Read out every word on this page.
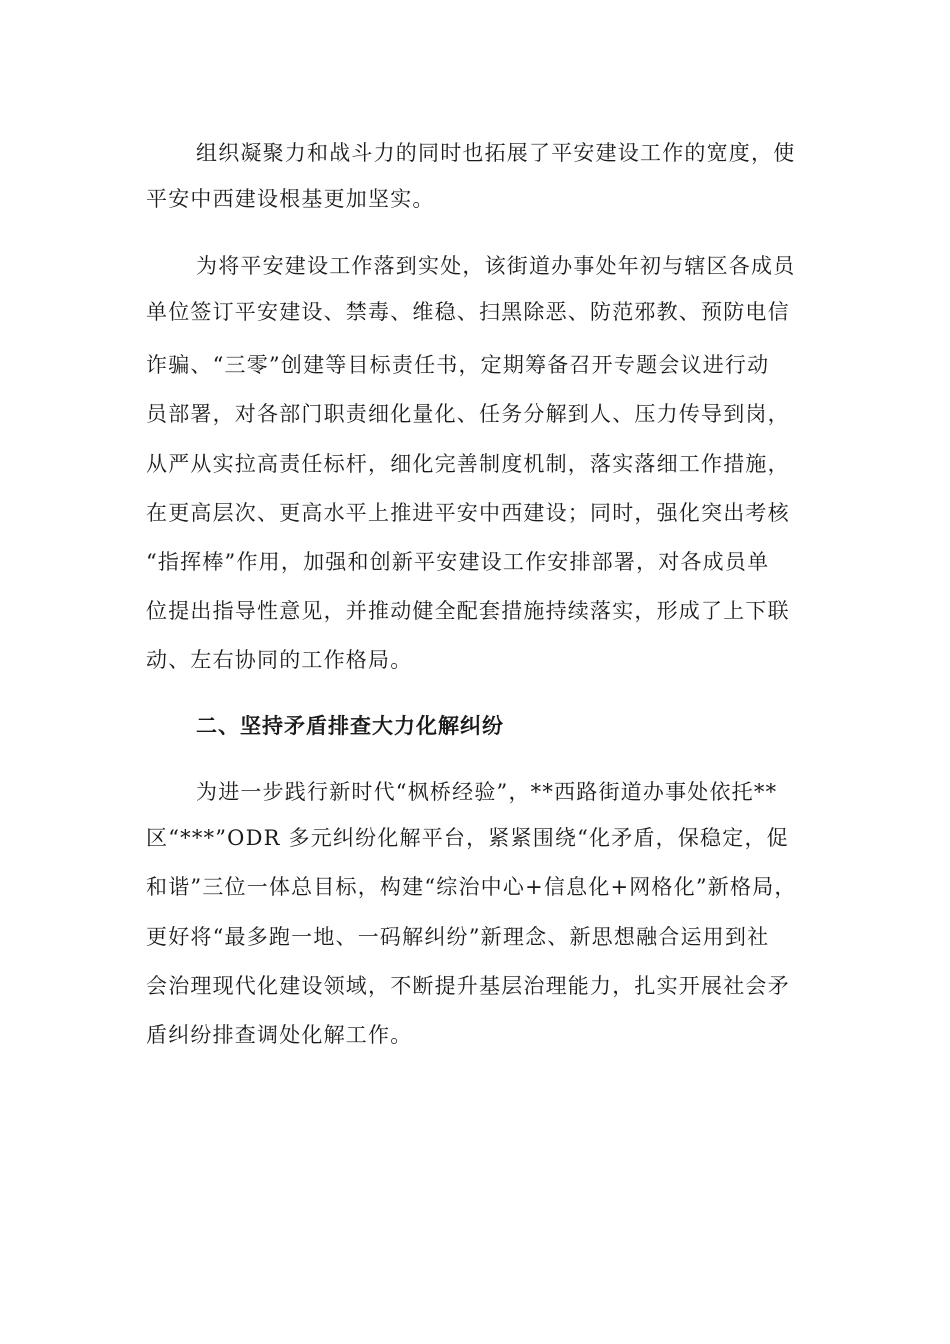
组织凝聚力和战斗力的同时也拓展了平安建设工作的宽度，使
平安中西建设根基更加坚实。
为将平安建设工作落到实处，该街道办事处年初与辖区各成员
单位签订平安建设、禁毒、维稳、扫黑除恶、防范邪教、预防电信
诈骗、“三零”创建等目标责任书，定期筹备召开专题会议进行动
员部署，对各部门职责细化量化、任务分解到人、压力传导到岗，
从严从实拉高责任标杆，细化完善制度机制，落实落细工作措施，
在更高层次、更高水平上推进平安中西建设；同时，强化突出考核
“指挥棒”作用，加强和创新平安建设工作安排部署，对各成员单
位提出指导性意见，并推动健全配套措施持续落实，形成了上下联
动、左右协同的工作格局。
二、坚持矛盾排查大力化解纠纷
为进一步践行新时代“枫桥经验”，**西路街道办事处依托**
区“***”ODR 多元纠纷化解平台，紧紧围绕“化矛盾，保稳定，促
和谐”三位一体总目标，构建“综治中心+信息化+网格化”新格局，
更好将“最多跑一地、一码解纠纷”新理念、新思想融合运用到社
会治理现代化建设领域，不断提升基层治理能力，扎实开展社会矛
盾纠纷排查调处化解工作。
